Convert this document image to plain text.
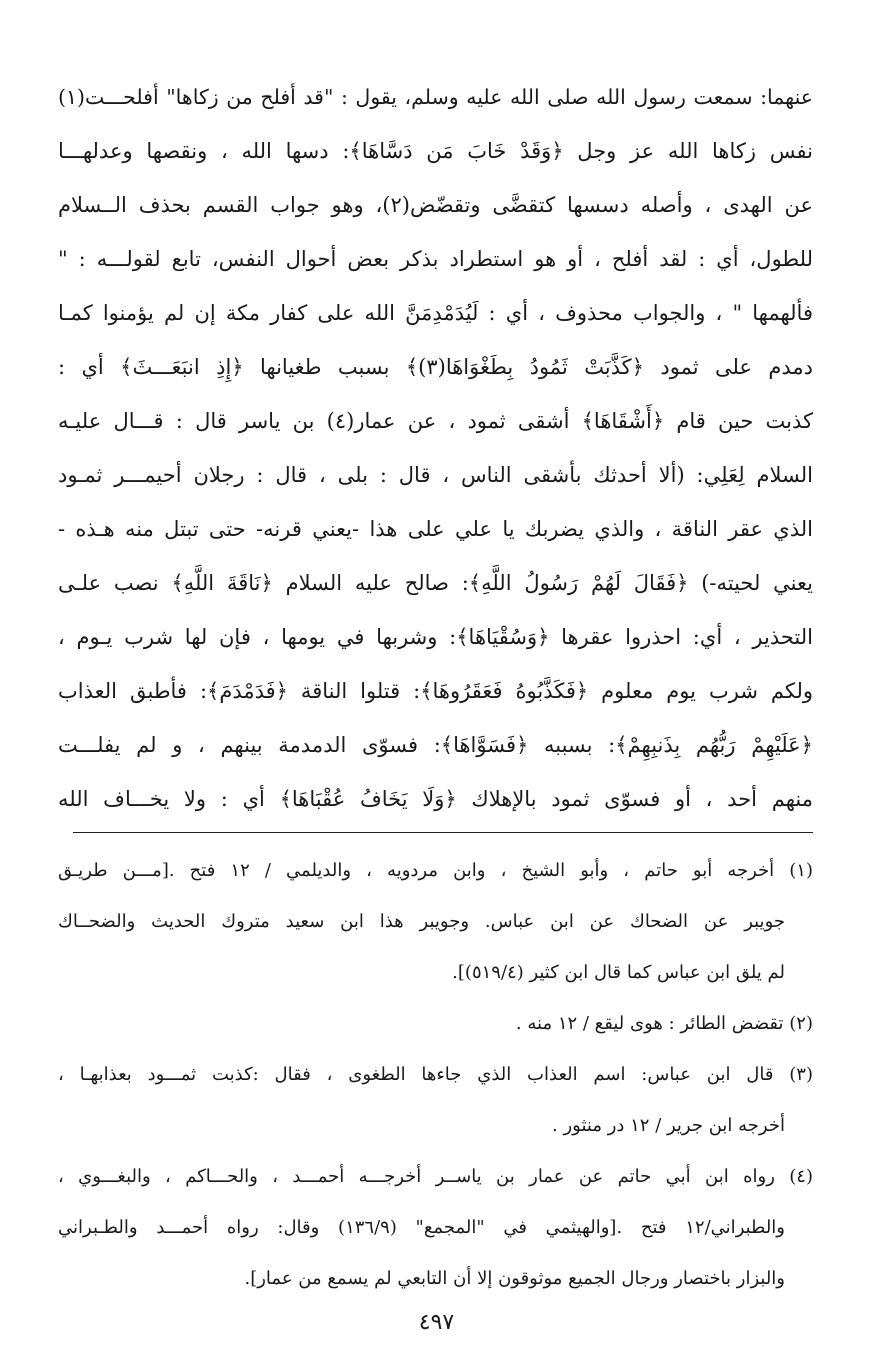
عنهما: سمعت رسول الله صلى الله عليه وسلم، يقول : "قد أفلح من زكاها" أفلحـــت(١)
نفس زكاها الله عز وجل ﴿وَقَدْ خَابَ مَن دَسَّاهَا﴾: دسها الله ، ونقصها وعدلهـــا
عن الهدى ، وأصله دسسها كتقضَّى وتقضّض(٢)، وهو جواب القسم بحذف الــسلام
للطول، أي : لقد أفلح ، أو هو استطراد بذكر بعض أحوال النفس، تابع لقولـــه : "
فألهمها " ، والجواب محذوف ، أي : لَيُدَمْدِمَنَّ الله على كفار مكة إن لم يؤمنوا كمـا
دمدم على ثمود ﴿كَذَّبَتْ ثَمُودُ بِطَغْوَاهَا(٣)﴾ بسبب طغيانها ﴿إِذِ انبَعَـــثَ﴾ أي :
كذبت حين قام ﴿أَشْقَاهَا﴾ أشقى ثمود ، عن عمار(٤) بن ياسر قال : قـــال عليـه
السلام لِعَلِي: (ألا أحدثك بأشقى الناس ، قال : بلى ، قال : رجلان أحيمـــر ثمـود
الذي عقر الناقة ، والذي يضربك يا علي على هذا -يعني قرنه- حتى تبتل منه هـذه -
يعني لحيته-) ﴿فَقَالَ لَهُمْ رَسُولُ اللَّهِ﴾: صالح عليه السلام ﴿نَاقَةَ اللَّهِ﴾ نصب علـى
التحذير ، أي: احذروا عقرها ﴿وَسُقْيَاهَا﴾: وشربها في يومها ، فإن لها شرب يـوم ،
ولكم شرب يوم معلوم ﴿فَكَذَّبُوهُ فَعَقَرُوهَا﴾: قتلوا الناقة ﴿فَدَمْدَمَ﴾: فأطبق العذاب
﴿عَلَيْهِمْ رَبُّهُم بِذَنبِهِمْ﴾: بسببه ﴿فَسَوَّاهَا﴾: فسوّى الدمدمة بينهم ، و لم يفلـــت
منهم أحد ، أو فسوّى ثمود بالإهلاك ﴿وَلَا يَخَافُ عُقْبَاهَا﴾ أي : ولا يخـــاف الله
(١) أخرجه أبو حاتم ، وأبو الشيخ ، وابن مردويه ، والديلمي / ١٢ فتح .[مـــن طريـق
جويبر عن الضحاك عن ابن عباس. وجويبر هذا ابن سعيد متروك الحديث والضحــاك
لم يلق ابن عباس كما قال ابن كثير (٥١٩/٤)].
(٢) تقضض الطائر : هوى ليقع / ١٢ منه .
(٣) قال ابن عباس: اسم العذاب الذي جاءها الطغوى ، فقال :كذبت ثمـــود بعذابهـا ،
أخرجه ابن جرير / ١٢ در منثور .
(٤) رواه ابن أبي حاتم عن عمار بن ياســر أخرجـــه أحمـــد ، والحـــاكم ، والبغـــوي ،
والطبراني/١٢ فتح .[والهيثمي في "المجمع" (١٣٦/٩) وقال: رواه أحمـــد والطـبراني
والبزار باختصار ورجال الجميع موثوقون إلا أن التابعي لم يسمع من عمار].
٤٩٧
